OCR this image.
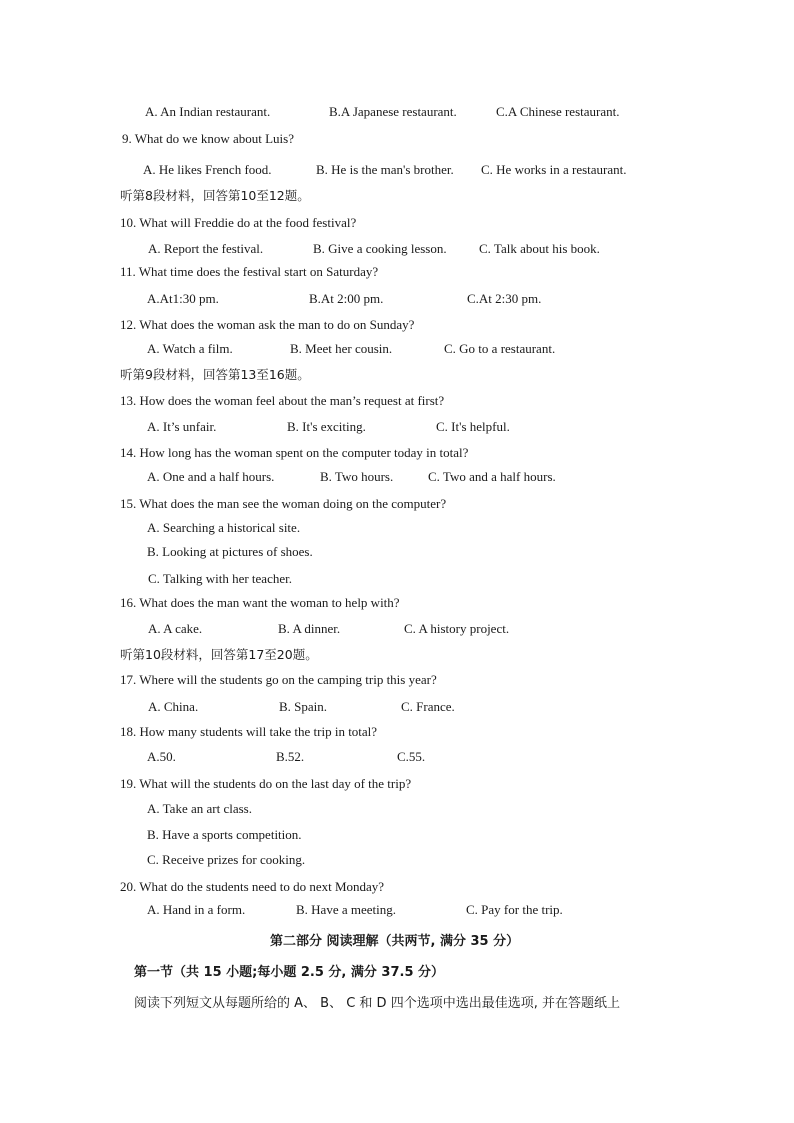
A. An Indian restaurant.	B.A Japanese restaurant.	C.A Chinese restaurant.
9. What do we know about Luis?
A. He likes French food.	B. He is the man's brother. C. He works in a restaurant.
听第8段材料，回答第10至12题。
10. What will Freddie do at the food festival?
A. Report the festival.	B. Give a cooking lesson. C. Talk about his book.
11. What time does the festival start on Saturday?
A.At1:30 pm.	B.At 2:00 pm.	C.At 2:30 pm.
12. What does the woman ask the man to do on Sunday?
A. Watch a film.	B. Meet her cousin.	C. Go to a restaurant.
听第9段材料，回答第13至16题。
13. How does the woman feel about the man’s request at first?
A. It’s unfair.	B. It's exciting.	C. It's helpful.
14. How long has the woman spent on the computer today in total?
A. One and a half hours.	B. Two hours.	C. Two and a half hours.
15. What does the man see the woman doing on the computer?
A. Searching a historical site.
B. Looking at pictures of shoes.
C. Talking with her teacher.
16. What does the man want the woman to help with?
A. A cake.	B. A dinner.	C. A history project.
听第10段材料，回答第17至20题。
17. Where will the students go on the camping trip this year?
A. China.	B. Spain.	C. France.
18. How many students will take the trip in total?
A.50.	B.52.	C.55.
19. What will the students do on the last day of the trip?
A. Take an art class.
B. Have a sports competition.
C. Receive prizes for cooking.
20. What do the students need to do next Monday?
A. Hand in a form.	B. Have a meeting.	C. Pay for the trip.
第二部分 阅读理解（共两节, 满分 35 分）
第一节（共 15 小题;每小题 2.5 分, 满分 37.5 分）
阅读下列短文从每题所给的 A、 B、 C 和 D 四个选项中选出最佳选项, 并在答题纸上
